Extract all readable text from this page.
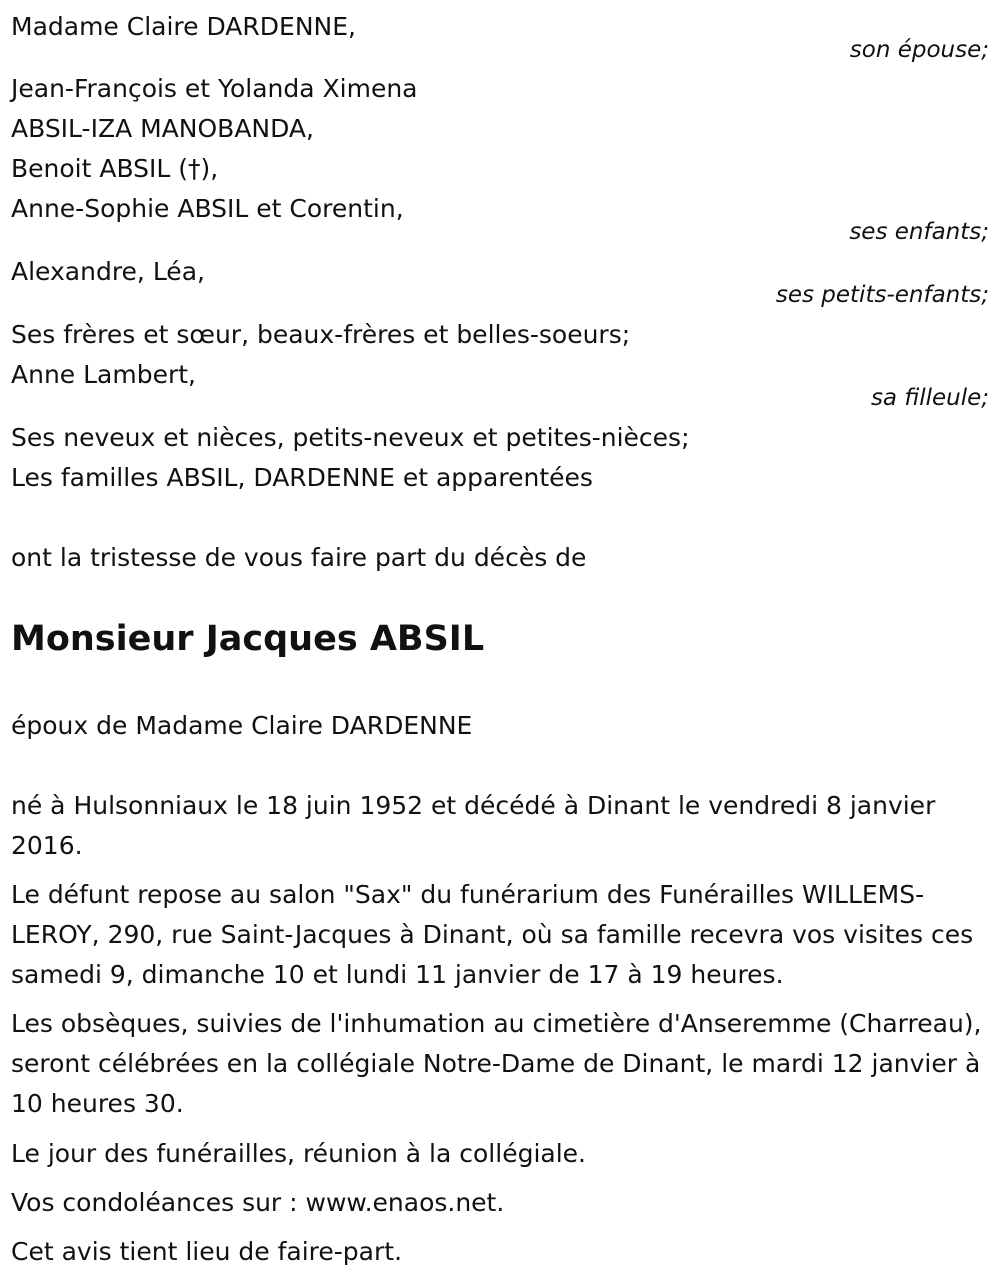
Madame Claire DARDENNE,

son épouse;

Jean-François et Yolanda Ximena

ABSIL-IZA MANOBANDA,

Benoit ABSIL (†),

Anne-Sophie ABSIL et Corentin,

ses enfants;

Alexandre, Léa,

ses petits-enfants;

Ses frères et sœur, beaux-frères et belles-soeurs;

Anne Lambert,

sa filleule;

Ses neveux et nièces, petits-neveux et petites-nièces;

Les familles ABSIL, DARDENNE et apparentées

ont la tristesse de vous faire part du décès de

Monsieur Jacques ABSIL

époux de Madame Claire DARDENNE

né à Hulsonniaux le 18 juin 1952 et décédé à Dinant le vendredi 8 janvier 2016.

Le défunt repose au salon "Sax" du funérarium des Funérailles WILLEMS-LEROY, 290, rue Saint-Jacques à Dinant, où sa famille recevra vos visites ces samedi 9, dimanche 10 et lundi 11 janvier de 17 à 19 heures.

Les obsèques, suivies de l'inhumation au cimetière d'Anseremme (Charreau), seront célébrées en la collégiale Notre-Dame de Dinant, le mardi 12 janvier à 10 heures 30.

Le jour des funérailles, réunion à la collégiale.

Vos condoléances sur : www.enaos.net.

Cet avis tient lieu de faire-part.
